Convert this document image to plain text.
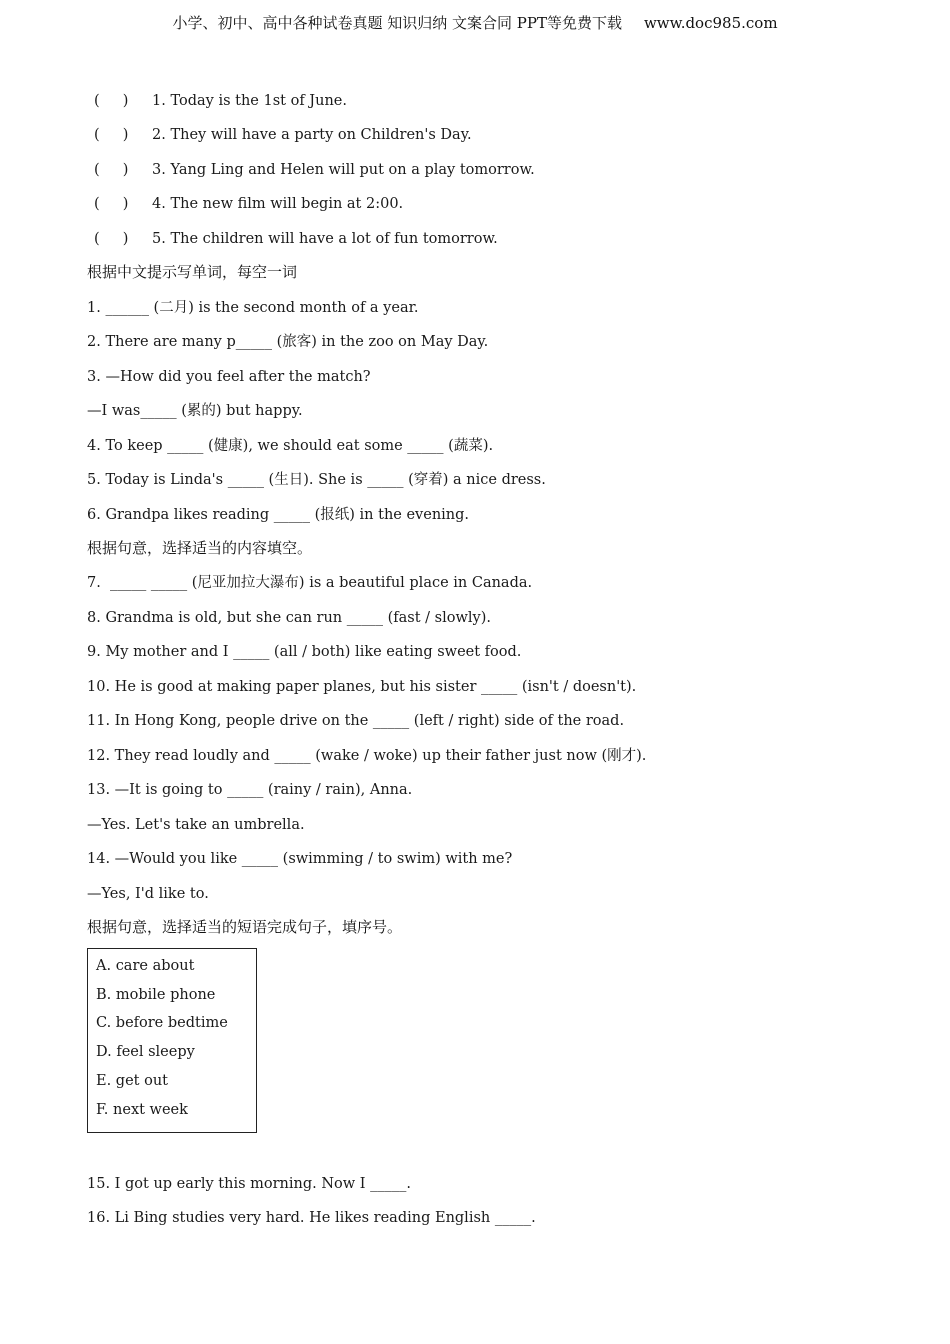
小学、初中、高中各种试卷真题 知识归纳 文案合同 PPT等免费下载 www.doc985.com
(     ) 1. Today is the 1st of June.
(     ) 2. They will have a party on Children's Day.
(     ) 3. Yang Ling and Helen will put on a play tomorrow.
(     ) 4. The new film will begin at 2:00.
(     ) 5. The children will have a lot of fun tomorrow.
根据中文提示写单词，每空一词
1. ______ (二月) is the second month of a year.
2. There are many p_____ (旅客) in the zoo on May Day.
3. —How did you feel after the match?
—I was_____ (累的) but happy.
4. To keep _____ (健康), we should eat some _____ (蔬菜).
5. Today is Linda's _____ (生日). She is _____ (穿着) a nice dress.
6. Grandpa likes reading _____ (报纸) in the evening.
根据句意，选择适当的内容填空。
7.  _____ _____ (尼亚加拉大瀑布) is a beautiful place in Canada.
8. Grandma is old, but she can run _____ (fast / slowly).
9. My mother and I _____ (all / both) like eating sweet food.
10. He is good at making paper planes, but his sister _____ (isn't / doesn't).
11. In Hong Kong, people drive on the _____ (left / right) side of the road.
12. They read loudly and _____ (wake / woke) up their father just now (刚才).
13. —It is going to _____ (rainy / rain), Anna.
—Yes. Let's take an umbrella.
14. —Would you like _____ (swimming / to swim) with me?
—Yes, I'd like to.
根据句意，选择适当的短语完成句子，填序号。
A. care about
B. mobile phone
C. before bedtime
D. feel sleepy
E. get out
F. next week
15. I got up early this morning. Now I _____.
16. Li Bing studies very hard. He likes reading English _____.
